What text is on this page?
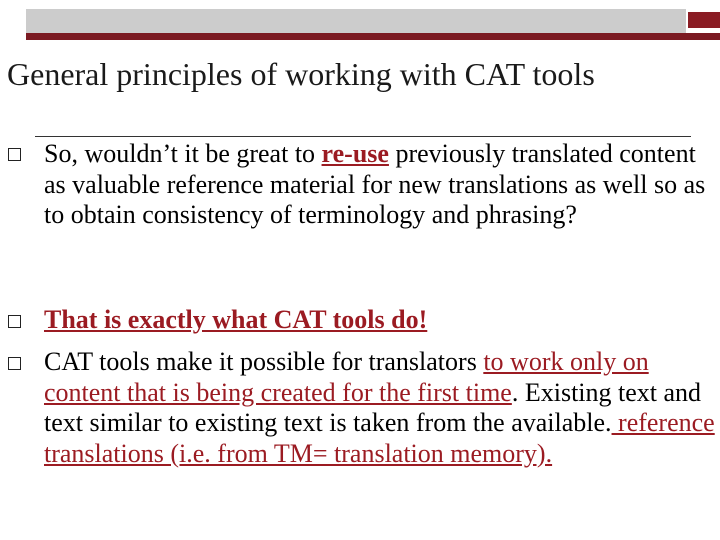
General principles of working with CAT tools
So, wouldn’t it be great to re-use previously translated content as valuable reference material for new translations as well so as to obtain consistency of terminology and phrasing?
That is exactly what CAT tools do!
CAT tools make it possible for translators to work only on content that is being created for the first time. Existing text and text similar to existing text is taken from the available. reference translations (i.e. from TM= translation memory).
